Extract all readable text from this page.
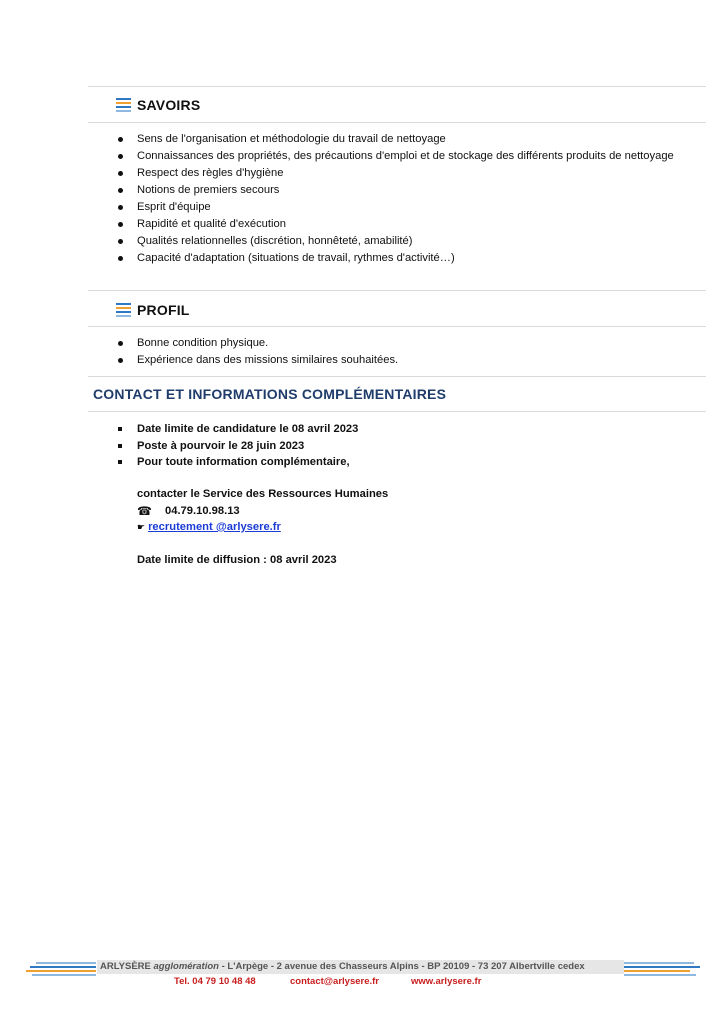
SAVOIRS
Sens de l'organisation et méthodologie du travail de nettoyage
Connaissances des propriétés, des précautions d'emploi et de stockage des différents produits de nettoyage
Respect des règles d'hygiène
Notions de premiers secours
Esprit d'équipe
Rapidité et qualité d'exécution
Qualités relationnelles (discrétion, honnêteté, amabilité)
Capacité d'adaptation (situations de travail, rythmes d'activité…)
PROFIL
Bonne condition physique.
Expérience dans des missions similaires souhaitées.
CONTACT ET INFORMATIONS COMPLÉMENTAIRES
Date limite de candidature le 08 avril 2023
Poste à pourvoir le 28 juin 2023
Pour toute information complémentaire,
contacter le Service des Ressources Humaines
☎ 04.79.10.98.13
☛ recrutement @arlysere.fr
Date limite de diffusion : 08 avril 2023
ARLYSÈRE agglomération - L'Arpège - 2 avenue des Chasseurs Alpins - BP 20109 - 73 207 Albertville cedex
Tel. 04 79 10 48 48	contact@arlysere.fr	www.arlysere.fr
